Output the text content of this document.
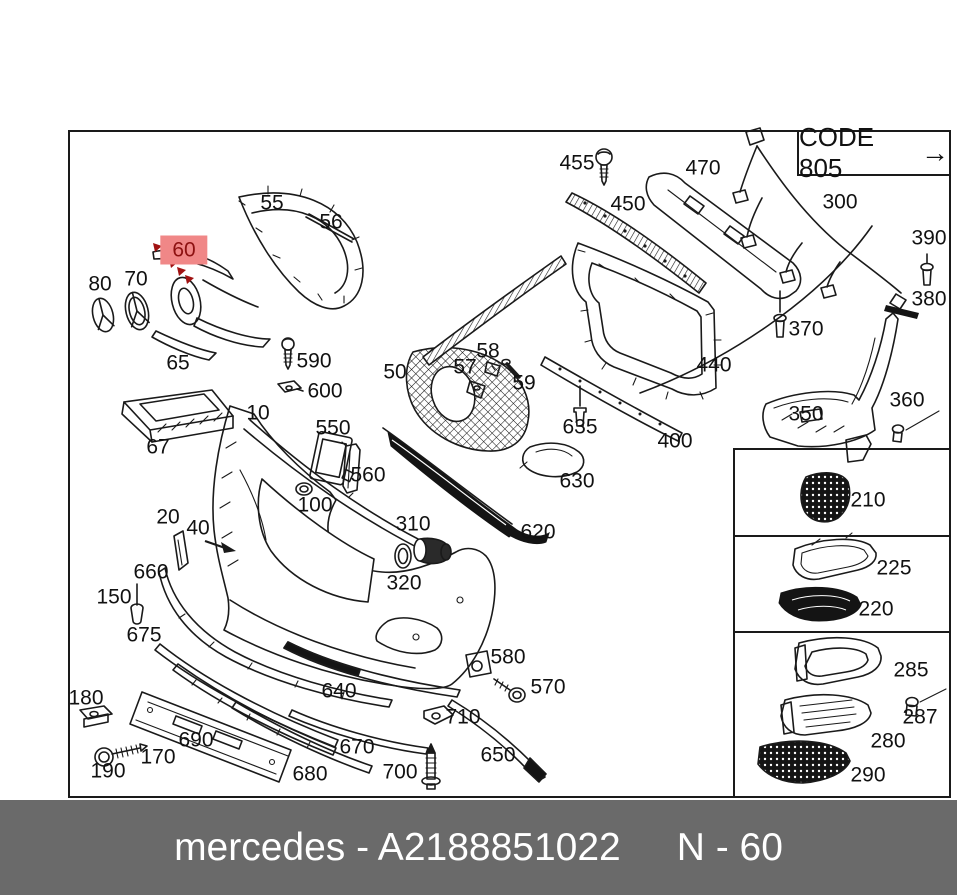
CODE 805	→
455	470
300
55	450
56
390
60
70
80
380
370
58
590
65	440
57
50	59
600	360
10	350
635
550
400
67
560	630
210
100
20	310
40	620
225
660	320
150
220
675
580
285
570
640
180
287
710
690	280
670	650
170
190	700
680	290
mercedes - A2188851022 N - 60
